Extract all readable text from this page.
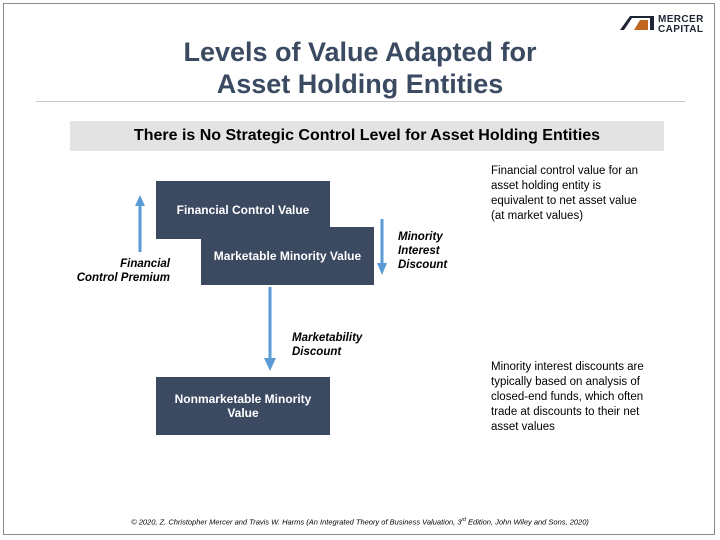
MERCER
CAPITAL
Levels of Value Adapted for
Asset Holding Entities
There is No Strategic Control Level for Asset Holding Entities
Financial Control Value
Marketable Minority Value
Nonmarketable Minority Value
Financial
Control Premium
Minority
Interest
Discount
Marketability
Discount
Financial control value for an
asset holding entity is
equivalent to net asset value
(at market values)
Minority interest discounts are
typically based on analysis of
closed-end funds, which often
trade at discounts to their net
asset values
© 2020, Z. Christopher Mercer and Travis W. Harms (An Integrated Theory of Business Valuation, 3rd Edition, John Wiley and Sons, 2020)
